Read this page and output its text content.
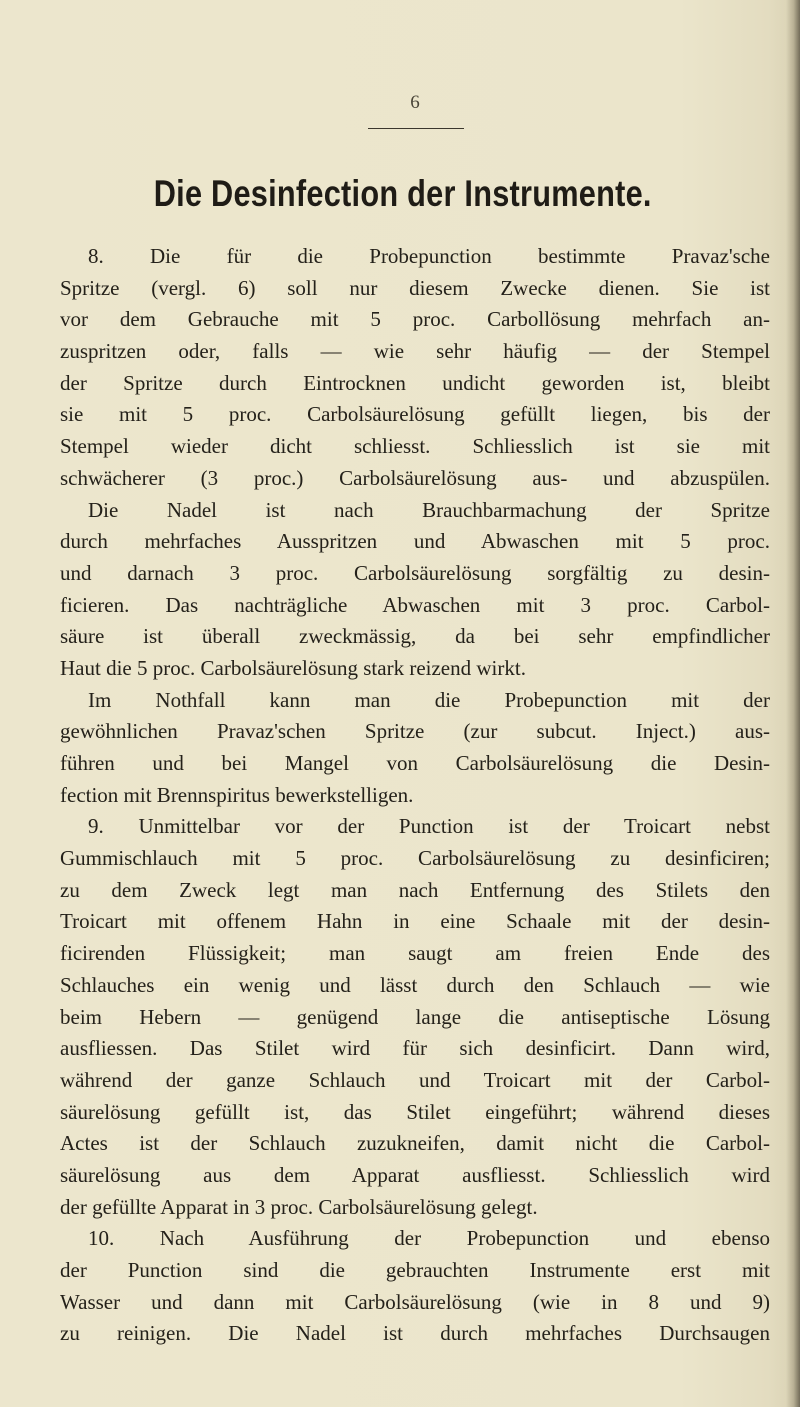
6
Die Desinfection der Instrumente.
8. Die für die Probepunction bestimmte Pravaz'sche
Spritze (vergl. 6) soll nur diesem Zwecke dienen. Sie ist
vor dem Gebrauche mit 5 proc. Carbollösung mehrfach an-
zuspritzen oder, falls — wie sehr häufig — der Stempel
der Spritze durch Eintrocknen undicht geworden ist, bleibt
sie mit 5 proc. Carbolsäurelösung gefüllt liegen, bis der
Stempel wieder dicht schliesst. Schliesslich ist sie mit
schwächerer (3 proc.) Carbolsäurelösung aus- und abzuspülen.
Die Nadel ist nach Brauchbarmachung der Spritze
durch mehrfaches Ausspritzen und Abwaschen mit 5 proc.
und darnach 3 proc. Carbolsäurelösung sorgfältig zu desin-
ficieren. Das nachträgliche Abwaschen mit 3 proc. Carbol-
säure ist überall zweckmässig, da bei sehr empfindlicher
Haut die 5 proc. Carbolsäurelösung stark reizend wirkt.
Im Nothfall kann man die Probepunction mit der
gewöhnlichen Pravaz'schen Spritze (zur subcut. Inject.) aus-
führen und bei Mangel von Carbolsäurelösung die Desin-
fection mit Brennspiritus bewerkstelligen.
9. Unmittelbar vor der Punction ist der Troicart nebst
Gummischlauch mit 5 proc. Carbolsäurelösung zu desinficiren;
zu dem Zweck legt man nach Entfernung des Stilets den
Troicart mit offenem Hahn in eine Schaale mit der desin-
ficirenden Flüssigkeit; man saugt am freien Ende des
Schlauches ein wenig und lässt durch den Schlauch — wie
beim Hebern — genügend lange die antiseptische Lösung
ausfliessen. Das Stilet wird für sich desinficirt. Dann wird,
während der ganze Schlauch und Troicart mit der Carbol-
säurelösung gefüllt ist, das Stilet eingeführt; während dieses
Actes ist der Schlauch zuzukneifen, damit nicht die Carbol-
säurelösung aus dem Apparat ausfliesst. Schliesslich wird
der gefüllte Apparat in 3 proc. Carbolsäurelösung gelegt.
10. Nach Ausführung der Probepunction und ebenso
der Punction sind die gebrauchten Instrumente erst mit
Wasser und dann mit Carbolsäurelösung (wie in 8 und 9)
zu reinigen. Die Nadel ist durch mehrfaches Durchsaugen
